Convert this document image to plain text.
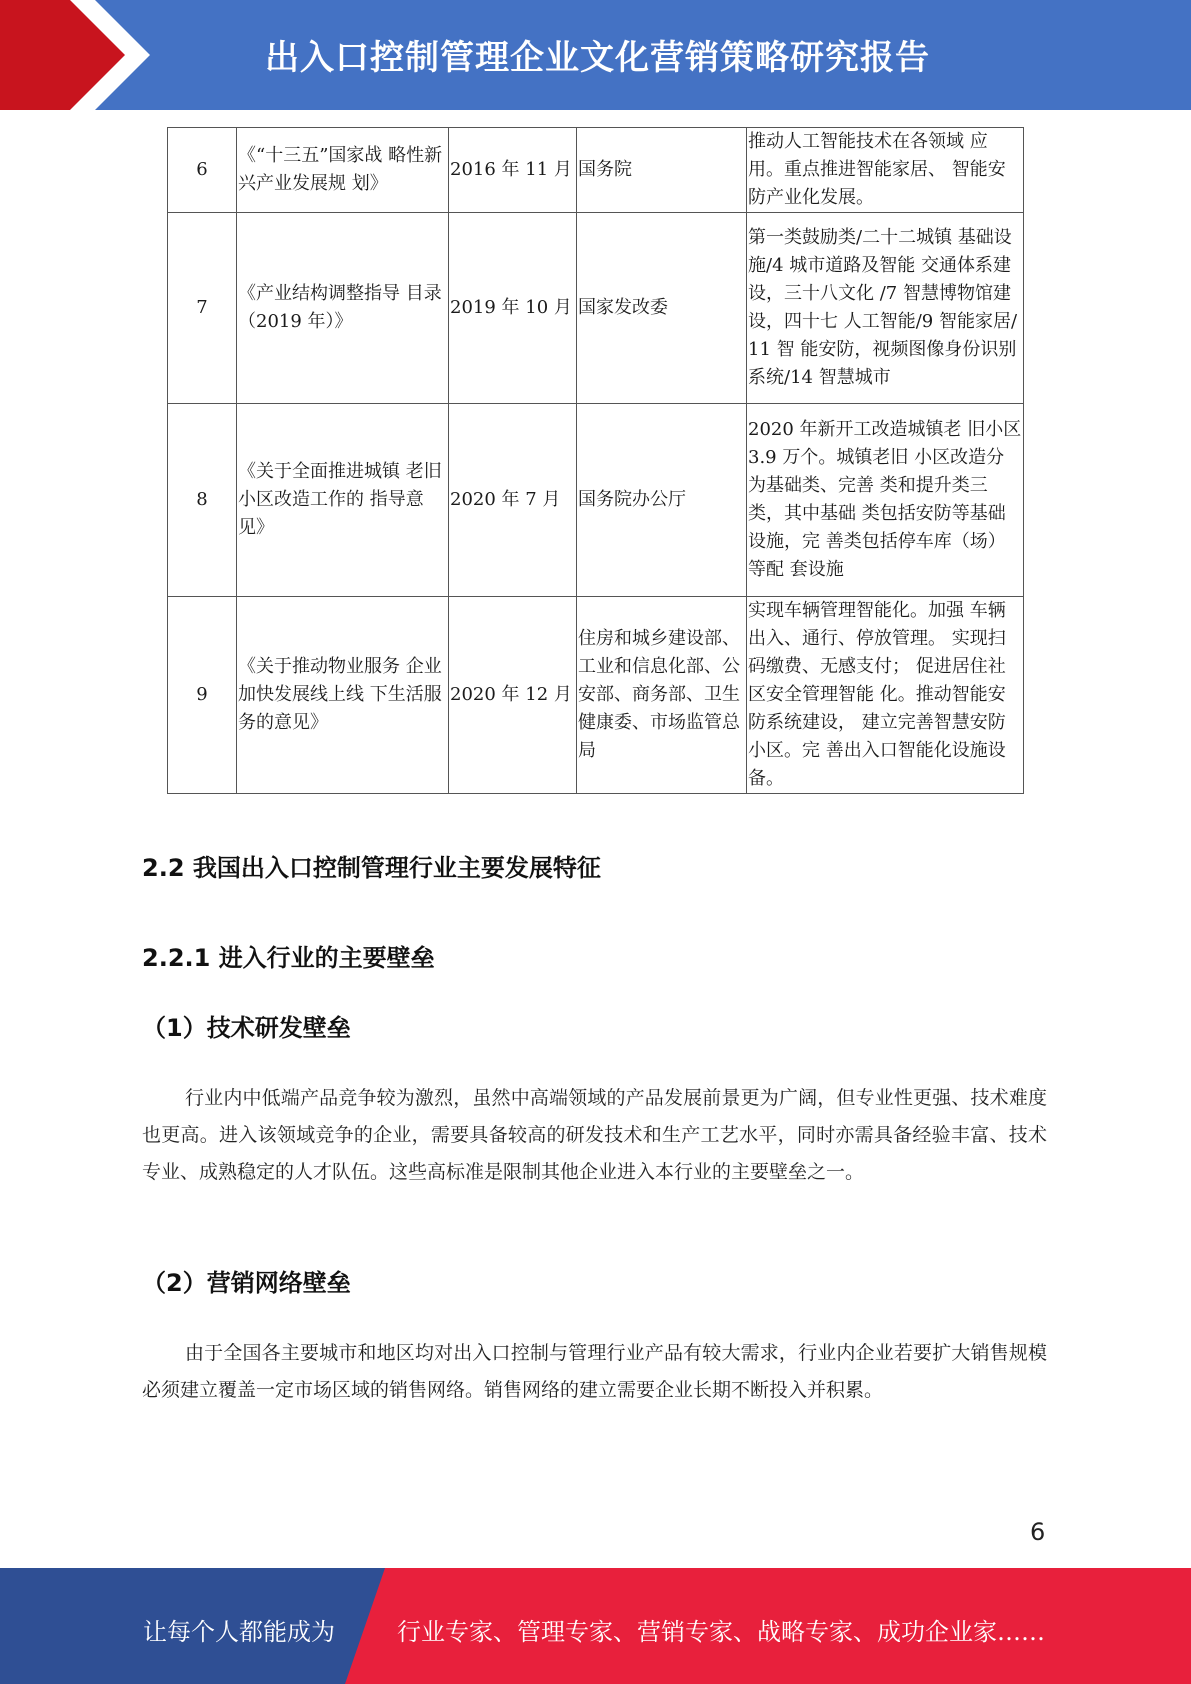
出入口控制管理企业文化营销策略研究报告
6	《“十三五”国家战 略性新兴产业发展规 划》	2016 年 11 月	国务院	推动人工智能技术在各领域 应用。重点推进智能家居、 智能安防产业化发展。
7	《产业结构调整指导 目录（2019 年）》	2019 年 10 月	国家发改委	第一类鼓励类/二十二城镇 基础设施/4 城市道路及智能 交通体系建设，三十八文化 /7 智慧博物馆建设，四十七 人工智能/9 智能家居/11 智 能安防，视频图像身份识别 系统/14 智慧城市
8	《关于全面推进城镇 老旧小区改造工作的 指导意见》	2020 年 7 月	国务院办公厅	2020 年新开工改造城镇老 旧小区 3.9 万个。城镇老旧 小区改造分为基础类、完善 类和提升类三类，其中基础 类包括安防等基础设施，完 善类包括停车库（场）等配 套设施
9	《关于推动物业服务 企业加快发展线上线 下生活服务的意见》	2020 年 12 月	住房和城乡建设部、工业和信息化部、公安部、商务部、卫生健康委、市场监管总局	实现车辆管理智能化。加强 车辆出入、通行、停放管理。 实现扫码缴费、无感支付； 促进居住社区安全管理智能 化。推动智能安防系统建设， 建立完善智慧安防小区。完 善出入口智能化设施设备。
2.2 我国出入口控制管理行业主要发展特征
2.2.1 进入行业的主要壁垒
（1）技术研发壁垒
行业内中低端产品竞争较为激烈，虽然中高端领域的产品发展前景更为广阔，但专业性更强、技术难度也更高。进入该领域竞争的企业，需要具备较高的研发技术和生产工艺水平，同时亦需具备经验丰富、技术专业、成熟稳定的人才队伍。这些高标准是限制其他企业进入本行业的主要壁垒之一。
（2）营销网络壁垒
由于全国各主要城市和地区均对出入口控制与管理行业产品有较大需求，行业内企业若要扩大销售规模必须建立覆盖一定市场区域的销售网络。销售网络的建立需要企业长期不断投入并积累。
6
让每个人都能成为	行业专家、管理专家、营销专家、战略专家、成功企业家……
